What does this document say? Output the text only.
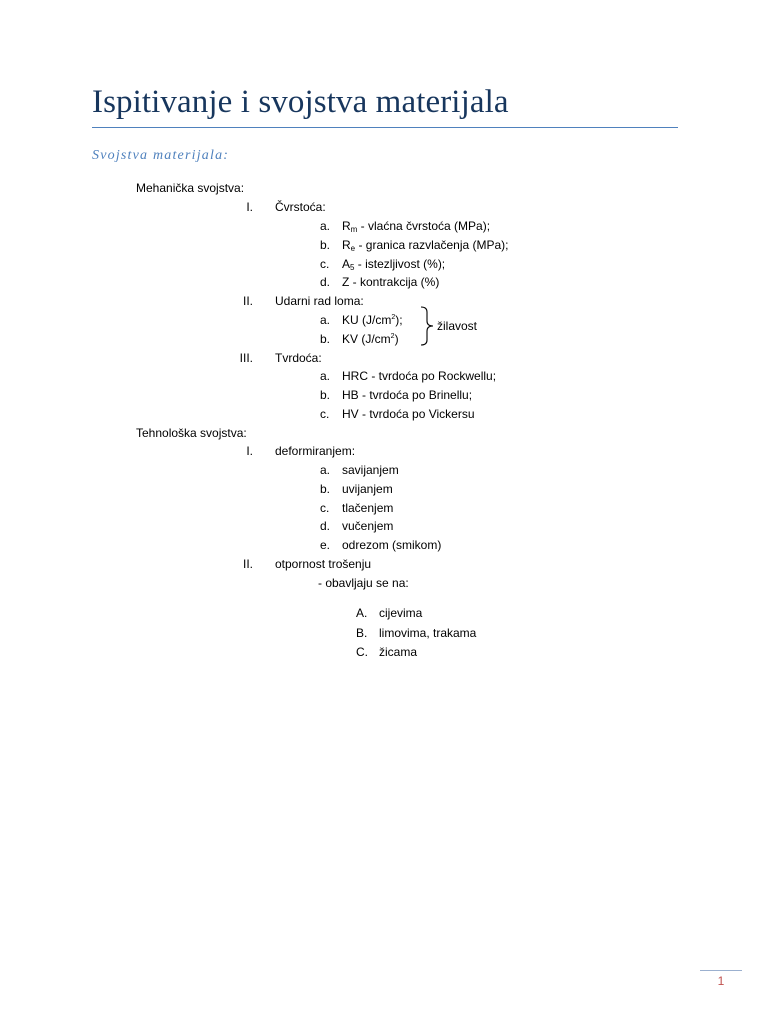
Ispitivanje i svojstva materijala
Svojstva materijala:
Mehanička svojstva:
I. Čvrstoća:
a. $R_m$ - vlaćna čvrstoća (MPa);
b. $R_e$ - granica razvlačenja (MPa);
c.	$A_5$ - istezljivost (%);
d. Z - kontrakcija (%)
II. Udarni rad loma:
a. KU $(J/cm^2)$;
b. KV $(J/cm^2)$
žilavost
III. Tvrdoća:
a. HRC - tvrdoća po Rockwellu;
b. HB - tvrdoća po Brinellu;
c.	HV - tvrdoća po Vickersu
Tehnološka svojstva:
I. deformiranjem:
a. savijanjem
b. uvijanjem
c.	tlačenjem
d. vučenjem
e. odrezom (smikom)
II. otpornost trošenju
- obavljaju se na:
A. cijevima
B. limovima, trakama
C. žicama
1
